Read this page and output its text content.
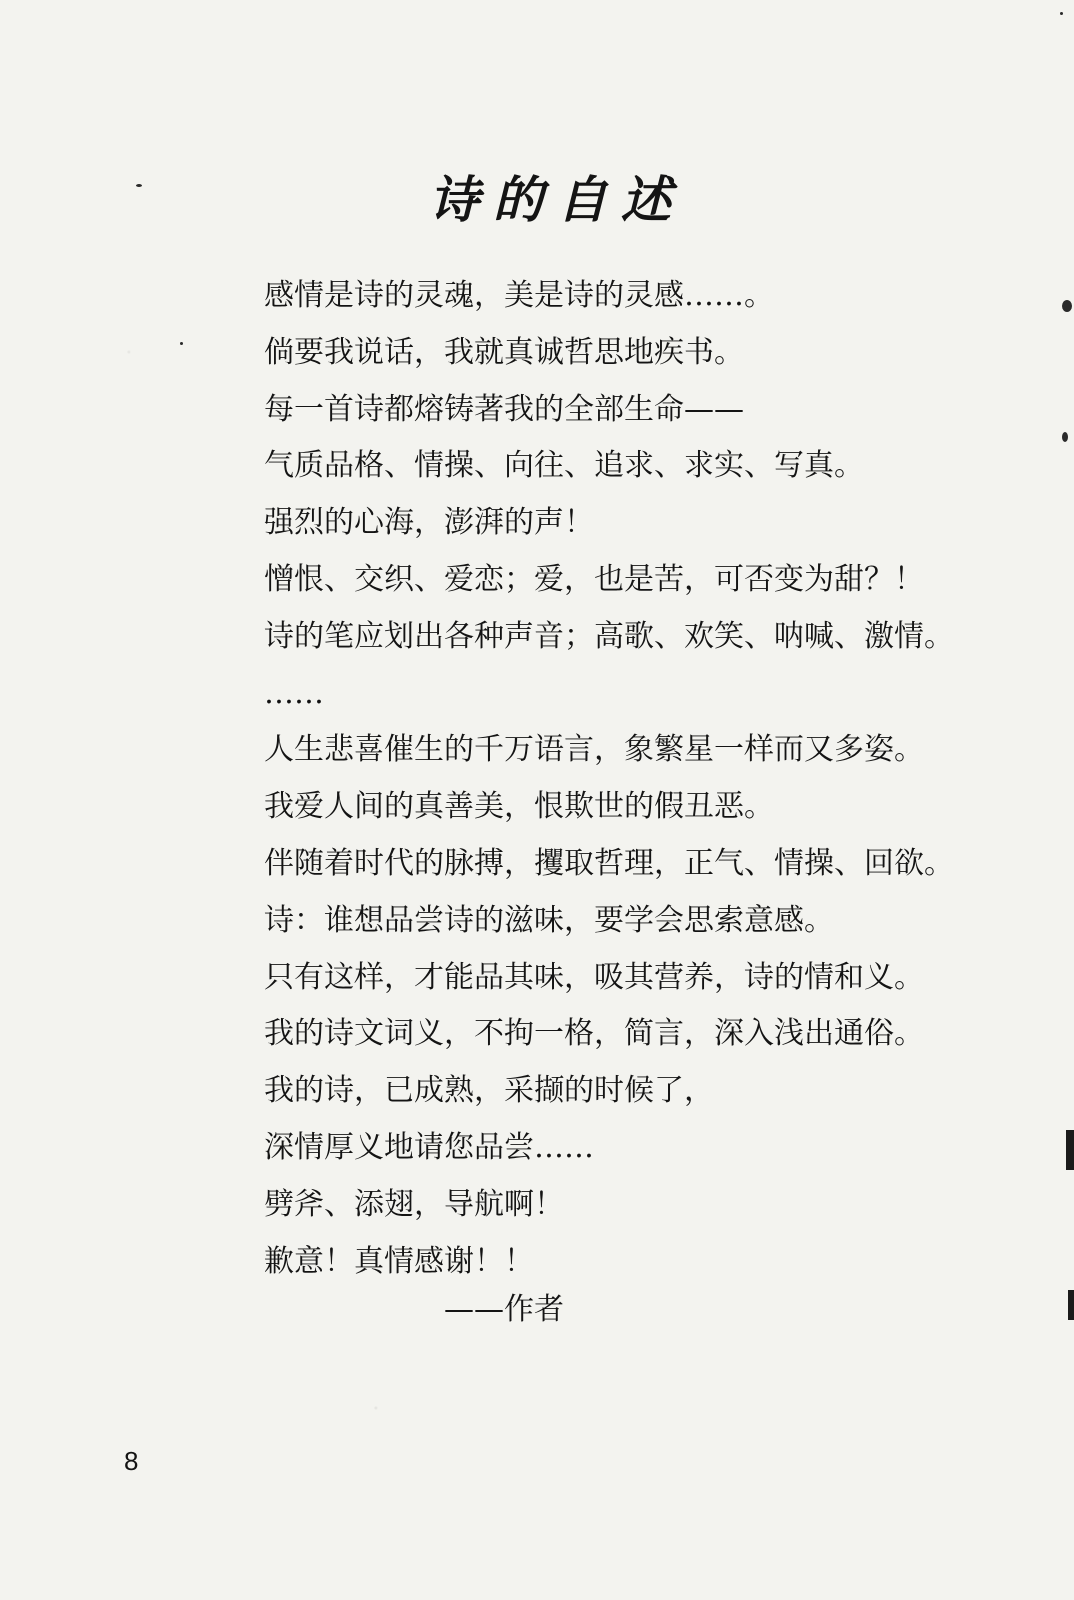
诗的自述
感情是诗的灵魂，美是诗的灵感……。
倘要我说话，我就真诚哲思地疾书。
每一首诗都熔铸著我的全部生命——
气质品格、情操、向往、追求、求实、写真。
强烈的心海，澎湃的声！
憎恨、交织、爱恋；爱，也是苦，可否变为甜？！
诗的笔应划出各种声音；高歌、欢笑、呐喊、激情。
……
人生悲喜催生的千万语言，象繁星一样而又多姿。
我爱人间的真善美，恨欺世的假丑恶。
伴随着时代的脉搏，攫取哲理，正气、情操、回欲。
诗：谁想品尝诗的滋味，要学会思索意感。
只有这样，才能品其味，吸其营养，诗的情和义。
我的诗文词义，不拘一格，简言，深入浅出通俗。
我的诗，已成熟，采撷的时候了，
深情厚义地请您品尝……
劈斧、添翅，导航啊！
歉意！真情感谢！！
——作者
8
